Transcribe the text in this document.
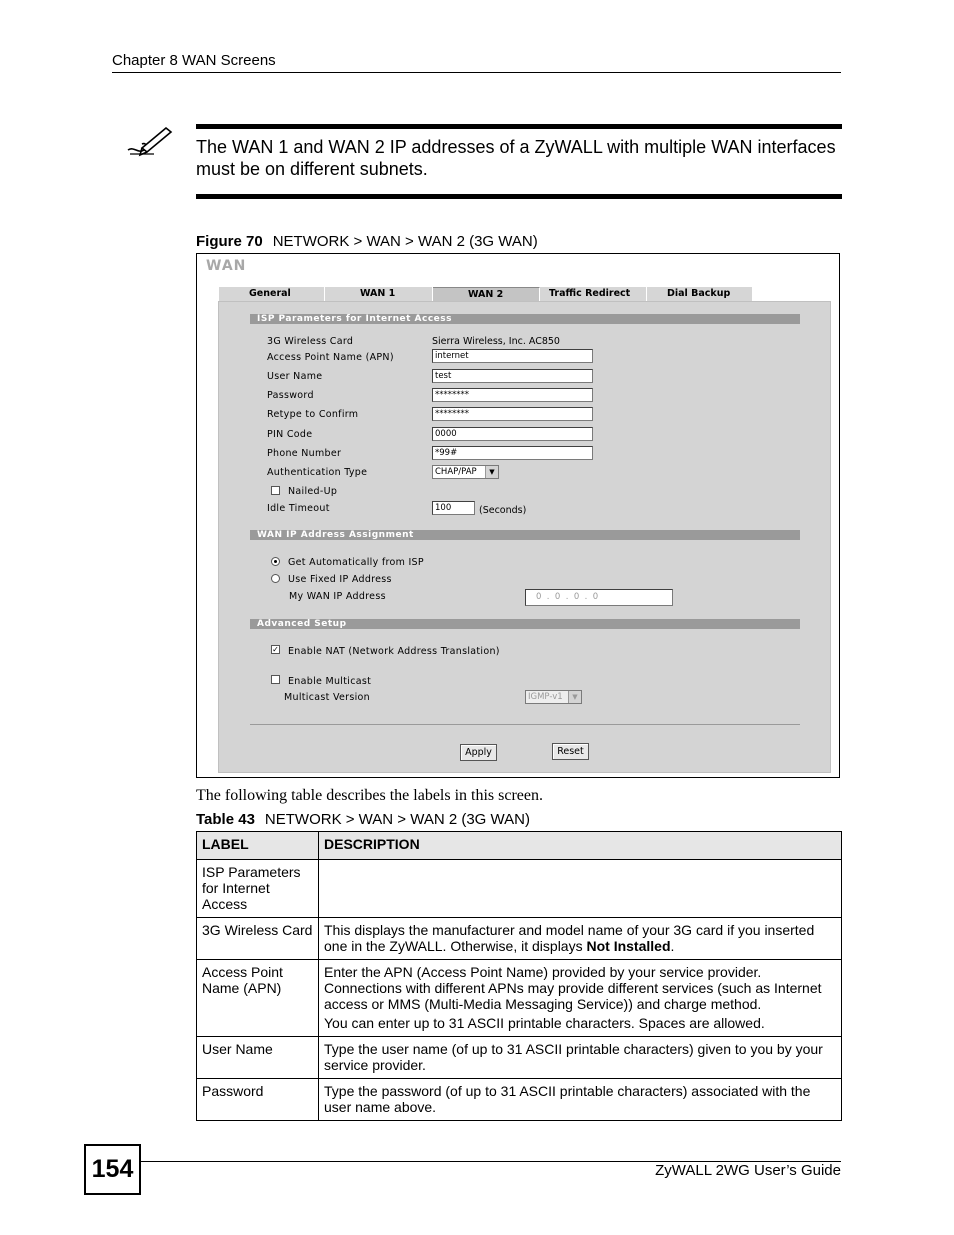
Chapter 8 WAN Screens
The WAN 1 and WAN 2 IP addresses of a ZyWALL with multiple WAN interfaces must be on different subnets.
Figure 70 NETWORK > WAN > WAN 2 (3G WAN)
WAN
General	WAN 1	WAN 2	Traffic Redirect	Dial Backup
ISP Parameters for Internet Access
3G Wireless Card	Sierra Wireless, Inc. AC850
Access Point Name (APN)	internet
User Name	test
Password	********
Retype to Confirm	********
PIN Code	0000
Phone Number	*99#
Authentication Type	CHAP/PAP	▼
Nailed-Up
Idle Timeout	100	(Seconds)
WAN IP Address Assignment
Get Automatically from ISP
Use Fixed IP Address
My WAN IP Address	0  .  0  .  0  .  0
Advanced Setup
✓ Enable NAT (Network Address Translation)
Enable Multicast
Multicast Version	IGMP-v1	▼
Apply	Reset
The following table describes the labels in this screen.
Table 43 NETWORK > WAN > WAN 2 (3G WAN)
LABEL	DESCRIPTION
ISP Parameters for Internet Access	
3G Wireless Card	This displays the manufacturer and model name of your 3G card if you inserted one in the ZyWALL. Otherwise, it displays Not Installed.
Access Point Name (APN)	Enter the APN (Access Point Name) provided by your service provider. Connections with different APNs may provide different services (such as Internet access or MMS (Multi-Media Messaging Service)) and charge method.

You can enter up to 31 ASCII printable characters. Spaces are allowed.

User Name	Type the user name (of up to 31 ASCII printable characters) given to you by your service provider.
Password	Type the password (of up to 31 ASCII printable characters) associated with the user name above.
154	ZyWALL 2WG User’s Guide
